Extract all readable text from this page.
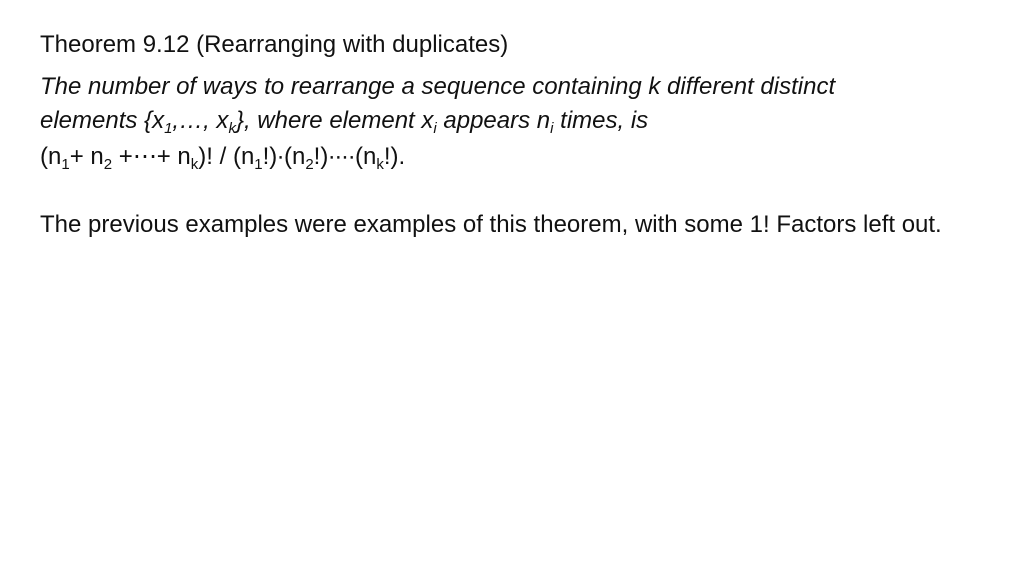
Theorem 9.12 (Rearranging with duplicates)

The number of ways to rearrange a sequence containing k different distinct

elements {$x_1,\dots$, $x_k$}, where element $x_i$ appears $n_i$ times, is

($n_1+ n_2$ +⋯+ $n_k$)! / $(n_1!)\cdot(n_2!)\cdot\cdot\cdot\cdot(n_k!)$.

The previous examples were examples of this theorem, with some 1! Factors left out.
